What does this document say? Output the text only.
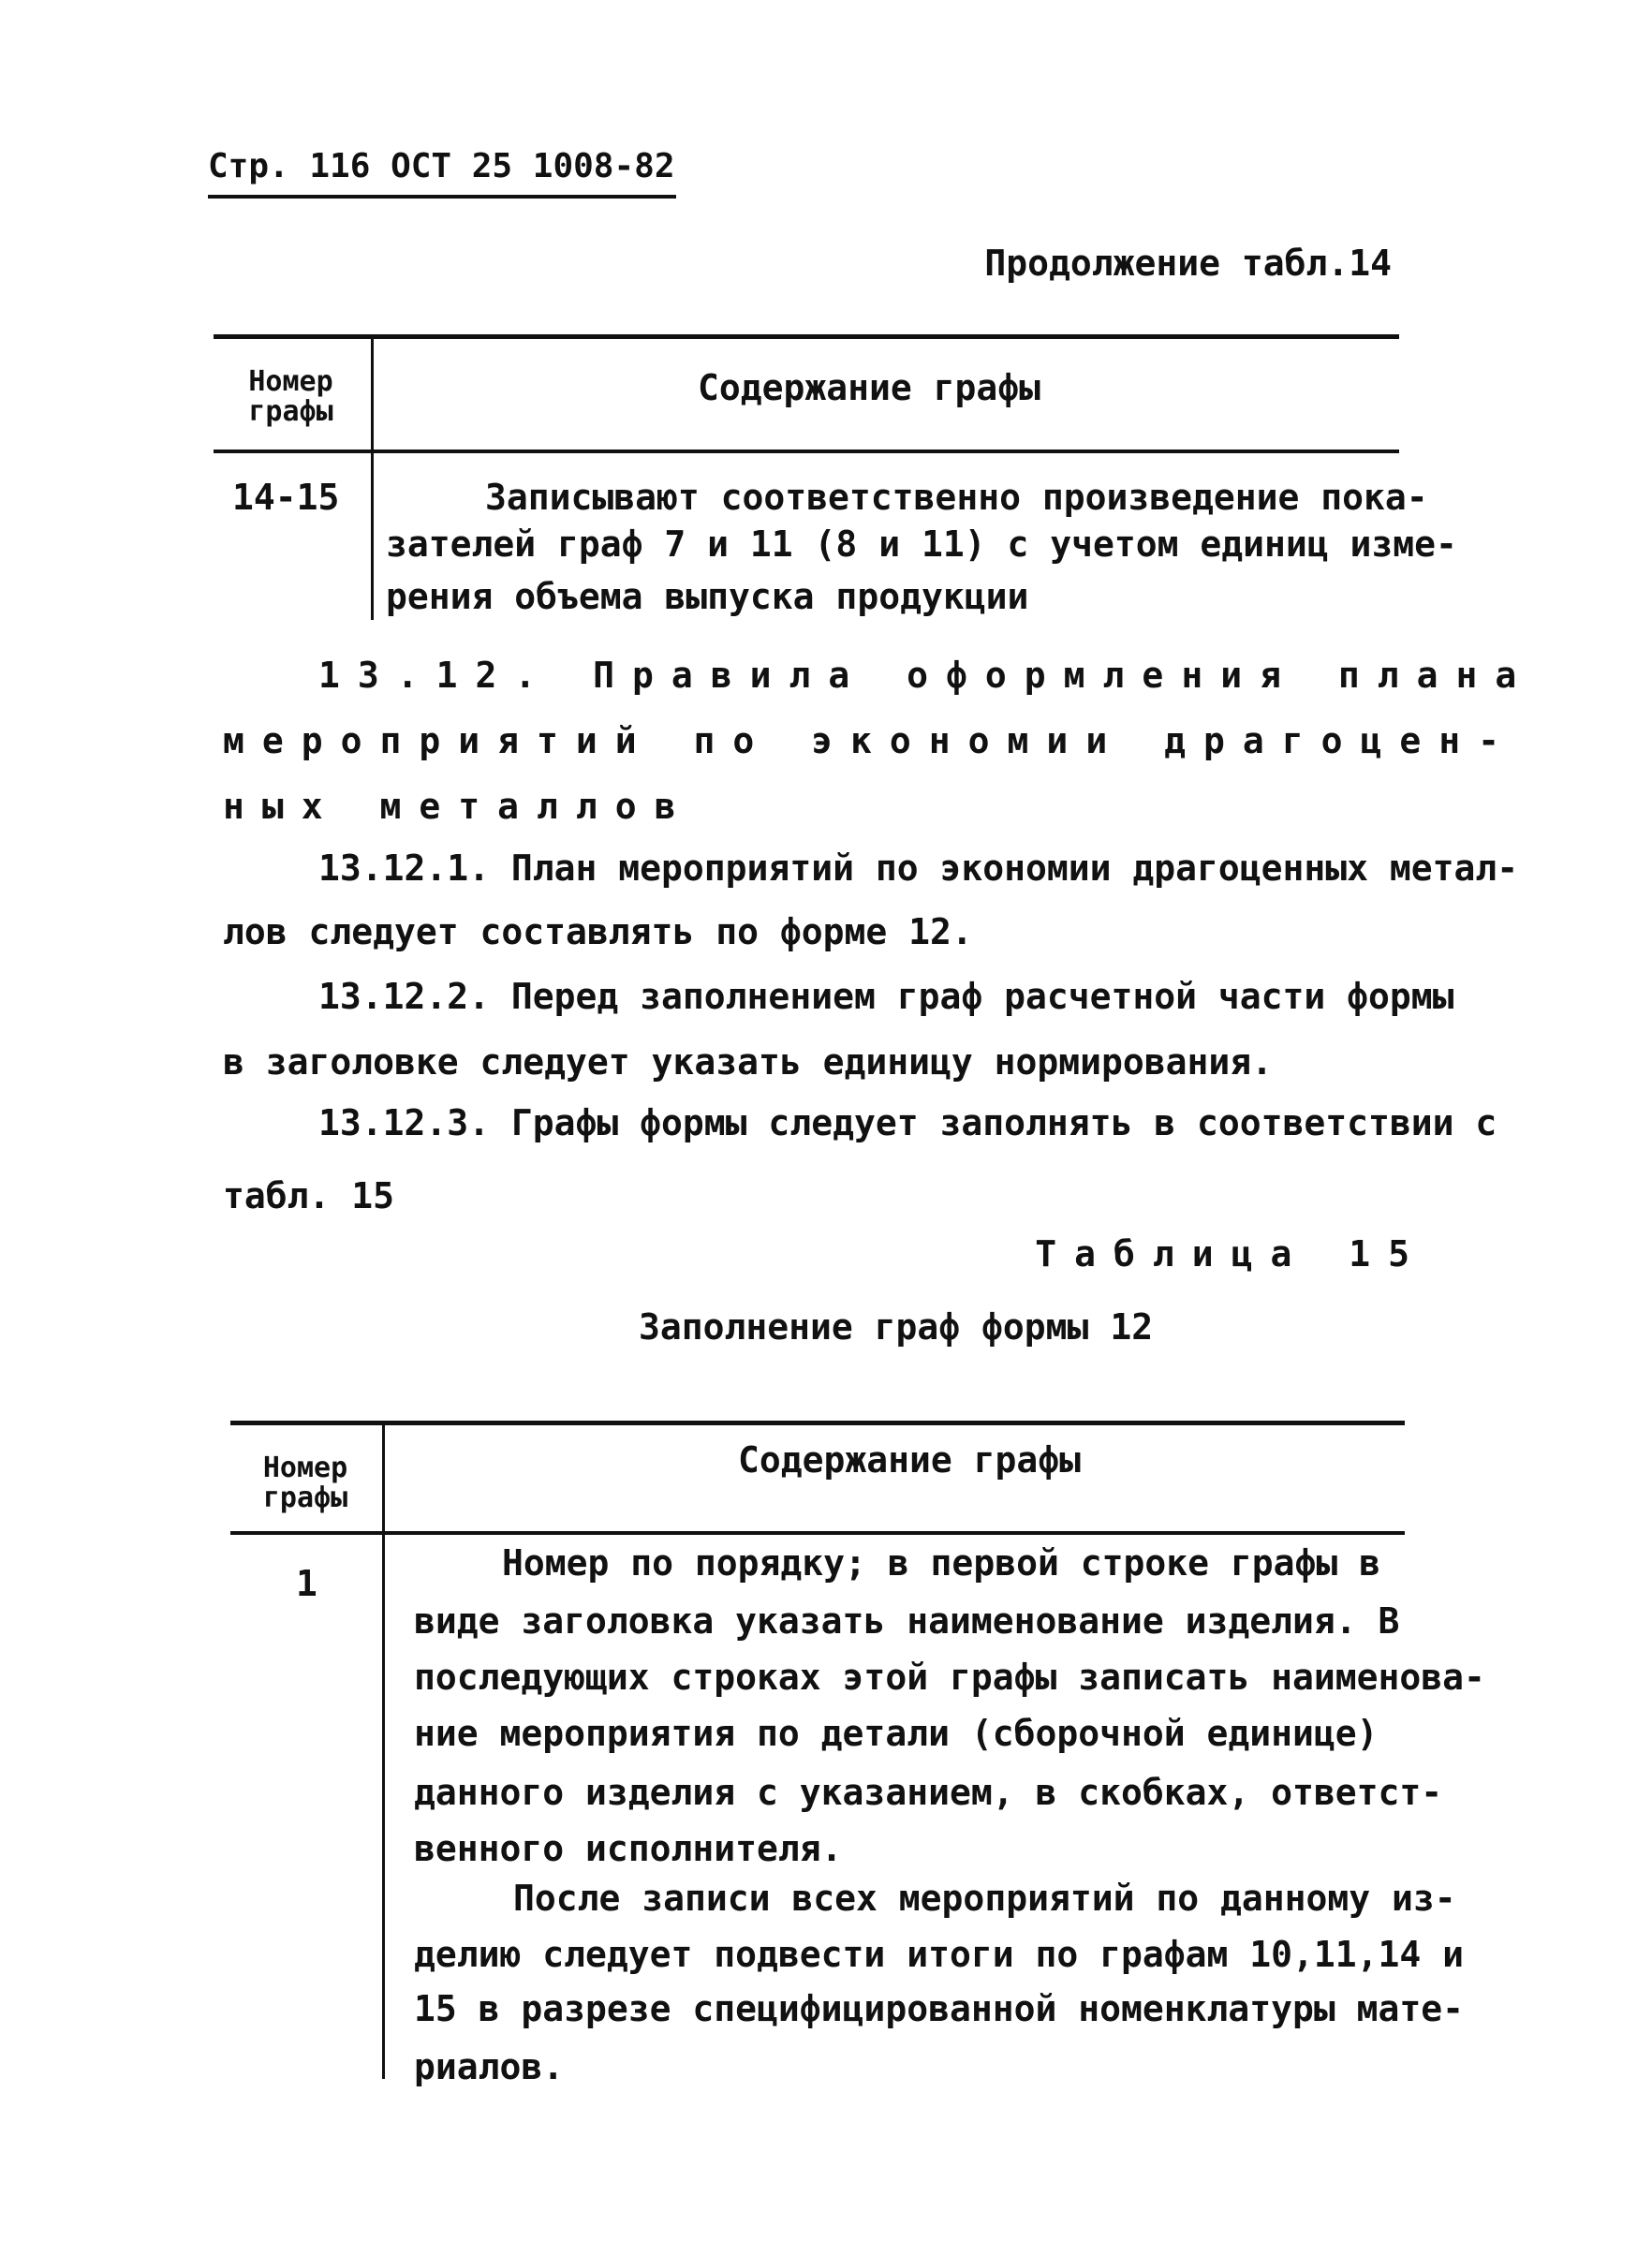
Стр. 116 ОСТ 25 1008-82
Продолжение табл.14
Номер
графы
Содержание графы
14-15	Записывают соответственно произведение пока-
зателей граф 7 и 11 (8 и 11) с учетом единиц изме-
рения объема выпуска продукции
13.12. Правила оформления плана
мероприятий по экономии драгоцен-
ных металлов
13.12.1. План мероприятий по экономии драгоценных метал-
лов следует составлять по форме 12.
13.12.2. Перед заполнением граф расчетной части формы
в заголовке следует указать единицу нормирования.
13.12.3. Графы формы следует заполнять в соответствии с
табл. 15
Таблица 15
Заполнение граф формы 12
Номер
графы
Содержание графы
1	Номер по порядку; в первой строке графы в
виде заголовка указать наименование изделия. В
последующих строках этой графы записать наименова-
ние мероприятия по детали (сборочной единице)
данного изделия с указанием, в скобках, ответст-
венного исполнителя.
После записи всех мероприятий по данному из-
делию следует подвести итоги по графам 10,11,14 и
15 в разрезе специфицированной номенклатуры мате-
риалов.
